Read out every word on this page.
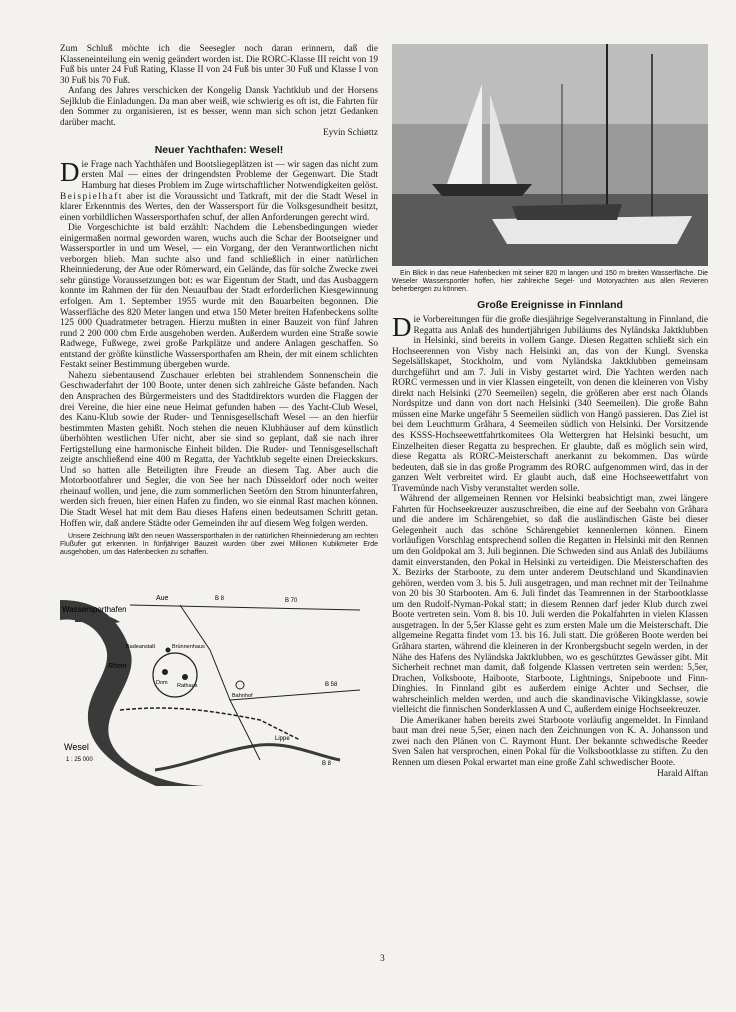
Zum Schluß möchte ich die Seesegler noch daran erinnern, daß die Klasseneinteilung ein wenig geändert worden ist. Die RORC-Klasse III reicht von 19 Fuß bis unter 24 Fuß Rating, Klasse II von 24 Fuß bis unter 30 Fuß und Klasse I von 30 Fuß bis 70 Fuß.

Anfang des Jahres verschicken der Kongelig Dansk Yachtklub und der Horsens Sejlklub die Einladungen. Da man aber weiß, wie schwierig es oft ist, die Fahrten für den Sommer zu organisieren, ist es besser, wenn man sich schon jetzt Gedanken darüber macht.

Eyvin Schiøttz

Neuer Yachthafen: Wesel!

Die Frage nach Yachthäfen und Bootsliegeplätzen ist — wir sagen das nicht zum ersten Mal — eines der dringendsten Probleme der Gegenwart. Die Stadt Hamburg hat dieses Problem im Zuge wirtschaftlicher Notwendigkeiten gelöst. Beispielhaft aber ist die Voraussicht und Tatkraft, mit der die Stadt Wesel in klarer Erkenntnis des Wertes, den der Wassersport für die Volksgesundheit besitzt, einen vorbildlichen Wassersporthafen schuf, der allen Anforderungen gerecht wird.

Die Vorgeschichte ist bald erzählt: Nachdem die Lebensbedingungen wieder einigermaßen normal geworden waren, wuchs auch die Schar der Bootseigner und Wassersportler in und um Wesel, — ein Vorgang, der den Verantwortlichen nicht verborgen blieb. Man suchte also und fand schließlich in einer natürlichen Rheinniederung, der Aue oder Römerward, ein Gelände, das für solche Zwecke zwei sehr günstige Voraussetzungen bot: es war Eigentum der Stadt, und das Ausbaggern konnte im Rahmen der für den Neuaufbau der Stadt erforderlichen Kiesgewinnung erfolgen. Am 1. September 1955 wurde mit den Bauarbeiten begonnen. Die Wasserfläche des 820 Meter langen und etwa 150 Meter breiten Hafenbeckens sollte 125 000 Quadratmeter betragen. Hierzu mußten in einer Bauzeit von fünf Jahren rund 2 200 000 cbm Erde ausgehoben werden. Außerdem wurden eine Straße sowie Radwege, Fußwege, zwei große Parkplätze und andere Anlagen geschaffen. So entstand der größte künstliche Wassersporthafen am Rhein, der mit einem schlichten Festakt seiner Bestimmung übergeben wurde.

Nahezu siebentausend Zuschauer erlebten bei strahlendem Sonnenschein die Geschwaderfahrt der 100 Boote, unter denen sich zahlreiche Gäste befanden. Nach den Ansprachen des Bürgermeisters und des Stadtdirektors wurden die Flaggen der drei Vereine, die hier eine neue Heimat gefunden haben — des Yacht-Club Wesel, des Kanu-Klub sowie der Ruder- und Tennisgesellschaft Wesel — an den hierfür bestimmten Masten gehißt. Noch stehen die neuen Klubhäuser auf dem künstlich überhöhten westlichen Ufer nicht, aber sie sind so geplant, daß sie nach ihrer Fertigstellung eine harmonische Einheit bilden. Die Ruder- und Tennisgesellschaft zeigte anschließend eine 400 m Regatta, der Yachtklub segelte einen Dreieckskurs. Und so hatten alle Beteiligten ihre Freude an diesem Tag. Aber auch die Motorbootfahrer und Segler, die von See her nach Düsseldorf oder noch weiter rheinauf wollen, und jene, die zum sommerlichen Seetörn den Strom hinunterfahren, werden sich freuen, hier einen Hafen zu finden, wo sie einmal Rast machen können. Die Stadt Wesel hat mit dem Bau dieses Hafens einen bedeutsamen Schritt getan. Hoffen wir, daß andere Städte oder Gemeinden ihr auf diesem Weg folgen werden.

Unsere Zeichnung läßt den neuen Wassersporthafen in der natürlichen Rheinniederung am rechten Flußufer gut erkennen. In fünfjähriger Bauzeit wurden über zwei Millionen Kubikmeter Erde ausgehoben, um das Hafenbecken zu schaffen.

Aue	B 8	B 70
Wassersporthafen
Badeanstalt
Rhein
Brünnenhaus
Dom Rathaus
Bahnhof
B 58
Lippe
B 8
Wesel
1 : 25 000

Ein Blick in das neue Hafenbecken mit seiner 820 m langen und 150 m breiten Wasserfläche. Die Weseler Wassersportler hoffen, hier zahlreiche Segel- und Motoryachten aus allen Revieren beherbergen zu können.

Große Ereignisse in Finnland

Die Vorbereitungen für die große diesjährige Segelveranstaltung in Finnland, die Regatta aus Anlaß des hundertjährigen Jubiläums des Nyländska Jaktklubben in Helsinki, sind bereits in vollem Gange. Diesen Regatten schließt sich ein Hochseerennen von Visby nach Helsinki an, das von der Kungl. Svenska Segelsällskapet, Stockholm, und vom Nyländska Jaktklubben gemeinsam durchgeführt und am 7. Juli in Visby gestartet wird. Die Yachten werden nach RORC vermessen und in vier Klassen eingeteilt, von denen die kleineren von Visby direkt nach Helsinki (270 Seemeilen) segeln, die größeren aber erst nach Ölands Nordspitze und dann von dort nach Helsinki (340 Seemeilen). Die große Bahn müssen eine Marke ungefähr 5 Seemeilen südlich von Hangö passieren. Das Ziel ist bei dem Leuchtturm Gråhara, 4 Seemeilen südlich von Helsinki. Der Vorsitzende des KSSS-Hochseewettfahrtkomitees Ola Wettergren hat Helsinki besucht, um Einzelheiten dieser Regatta zu besprechen. Er glaubte, daß es möglich sein wird, diese Regatta als RORC-Meisterschaft anerkannt zu bekommen. Das würde bedeuten, daß sie in das große Programm des RORC aufgenommen wird, das in der ganzen Welt verbreitet wird. Er glaubt auch, daß eine Hochseewettfahrt von Travemünde nach Visby veranstaltet werden solle.

Während der allgemeinen Rennen vor Helsinki beabsichtigt man, zwei längere Fahrten für Hochseekreuzer auszuschreiben, die eine auf der Seebahn von Gråhara und die andere im Schärengebiet, so daß die ausländischen Gäste bei dieser Gelegenheit auch das schöne Schärengebiet kennenlernen können. Einem vorläufigen Vorschlag entsprechend sollen die Regatten in Helsinki mit den Rennen um den Goldpokal am 3. Juli beginnen. Die Schweden sind aus Anlaß des Jubiläums damit einverstanden, den Pokal in Helsinki zu verteidigen. Die Meisterschaften des X. Bezirks der Starboote, zu dem unter anderem Deutschland und Skandinavien gehören, werden vom 3. bis 5. Juli ausgetragen, und man rechnet mit der Teilnahme von 20 bis 30 Starbooten. Am 6. Juli findet das Teamrennen in der Starbootklasse um den Rudolf-Nyman-Pokal statt; in diesem Rennen darf jeder Klub durch zwei Boote vertreten sein. Vom 8. bis 10. Juli werden die Pokalfahrten in vielen Klassen ausgetragen. In der 5,5er Klasse geht es zum ersten Male um die Meisterschaft. Die allgemeine Regatta findet vom 13. bis 16. Juli statt. Die größeren Boote werden bei Gråhara starten, während die kleineren in der Kronbergsbucht segeln werden, in der Nähe des Hafens des Nyländska Jaktklubben, wo es geschütztes Gewässer gibt. Mit Sicherheit rechnet man damit, daß folgende Klassen vertreten sein werden: 5,5er, Drachen, Volksboote, Haiboote, Starboote, Lightnings, Snipeboote und Finn-Dinghies. In Finnland gibt es außerdem einige Achter und Sechser, die wahrscheinlich melden werden, und auch die skandinavische Vikingklasse, sowie vielleicht die finnischen Sonderklassen A und C, außerdem einige Hochseekreuzer.

Die Amerikaner haben bereits zwei Starboote vorläufig angemeldet. In Finnland baut man drei neue 5,5er, einen nach den Zeichnungen von K. A. Johansson und zwei nach den Plänen von C. Raymont Hunt. Der bekannte schwedische Reeder Sven Salen hat versprochen, einen Pokal für die Volksbootklasse zu stiften. Zu den Rennen um diesen Pokal erwartet man eine große Zahl schwedischer Boote.

Harald Alftan

3
